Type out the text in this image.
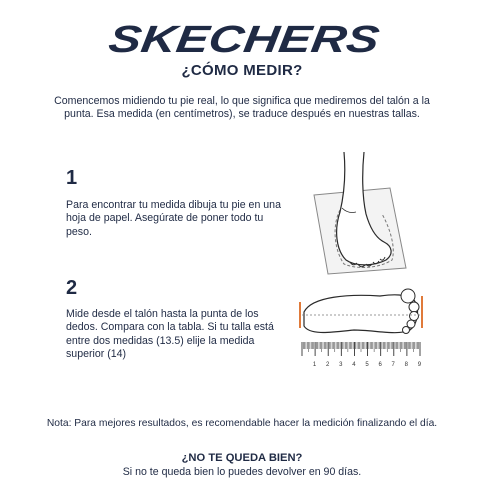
SKECHERS
¿CÓMO MEDIR?
Comencemos midiendo tu pie real, lo que significa que mediremos del talón a la punta. Esa medida (en centímetros), se traduce después en nuestras tallas.
1
Para encontrar tu medida dibuja tu pie en una hoja de papel. Asegúrate de poner todo tu peso.
2
Mide desde el talón hasta la punta de los dedos. Compara con la tabla. Si tu talla está entre dos medidas (13.5) elije la medida superior (14)
1 2 3 4 5 6 7 8 9
Nota: Para mejores resultados, es recomendable hacer la medición finalizando el día.
¿NO TE QUEDA BIEN?
Si no te queda bien lo puedes devolver en 90 días.
